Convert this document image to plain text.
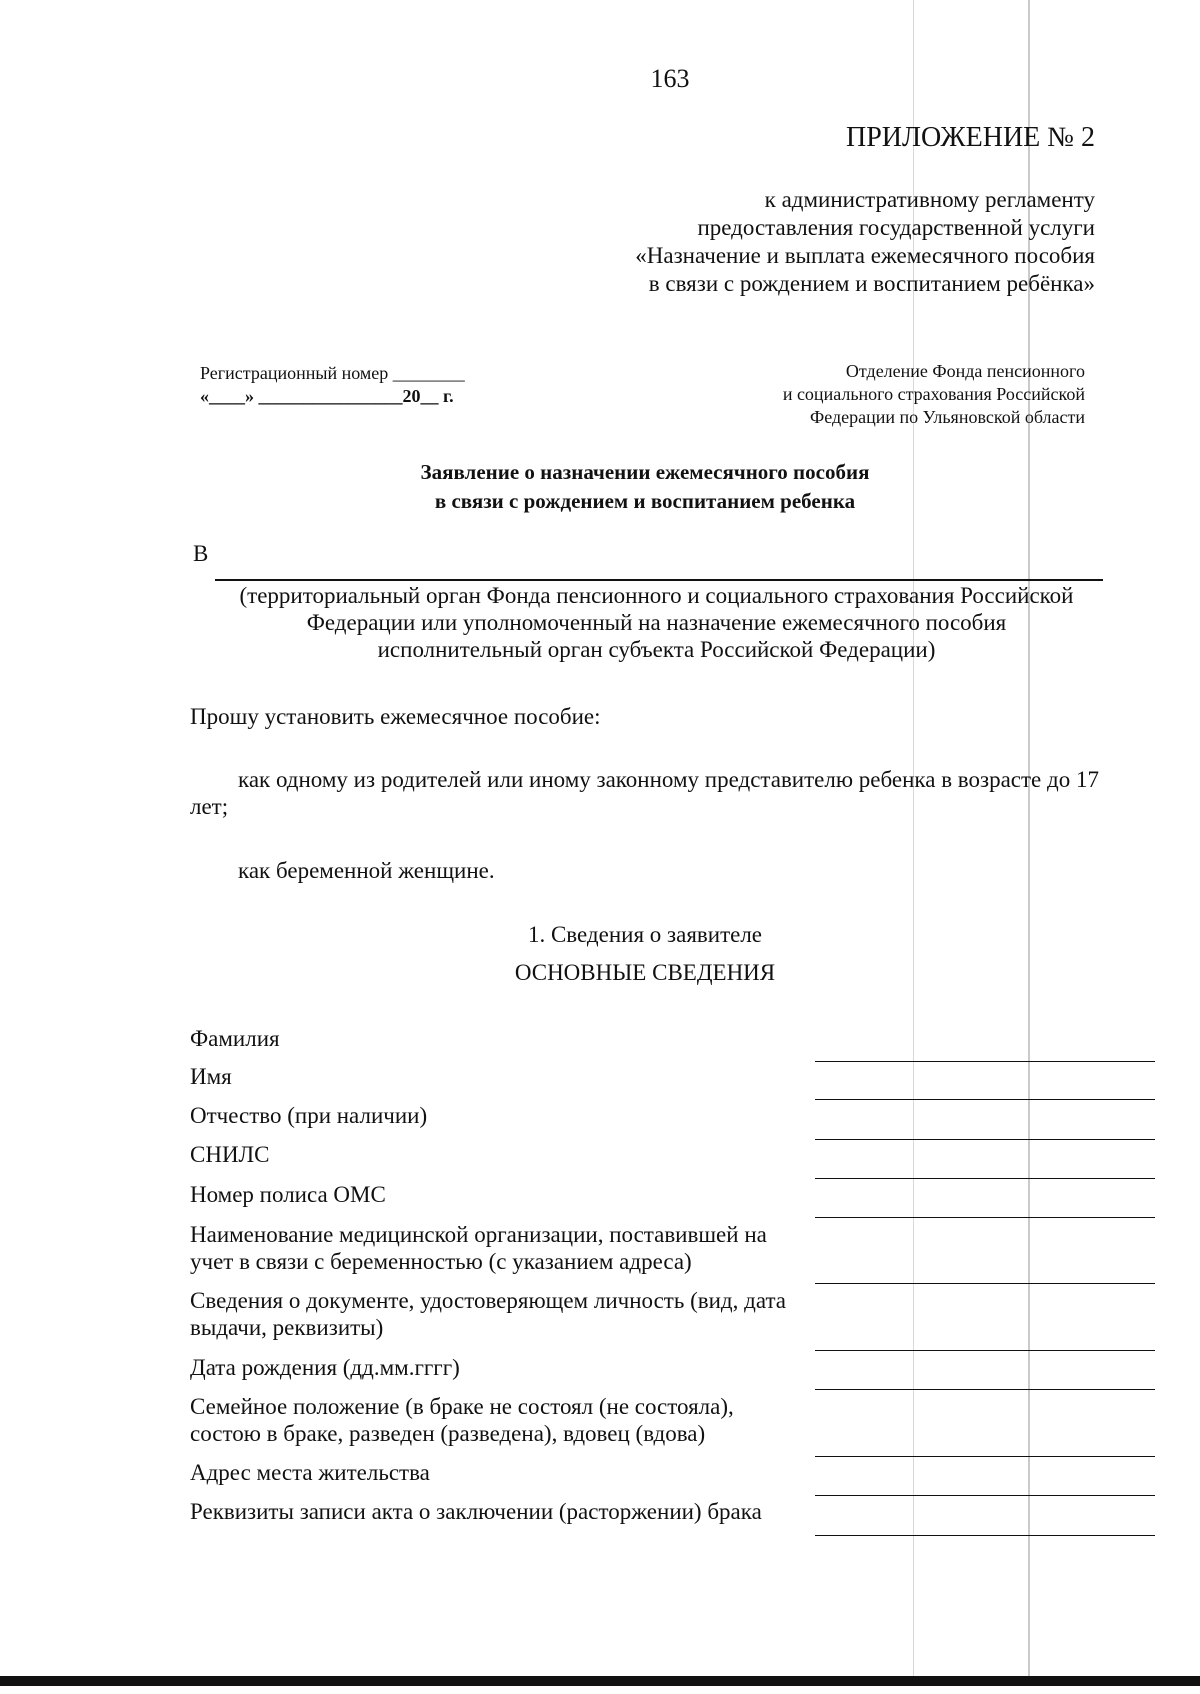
163
ПРИЛОЖЕНИЕ № 2
к административному регламенту
предоставления государственной услуги
«Назначение и выплата ежемесячного пособия
в связи с рождением и воспитанием ребёнка»
Регистрационный номер ________
«____» ________________20__ г.
Отделение Фонда пенсионного
и социального страхования Российской
Федерации по Ульяновской области
Заявление о назначении ежемесячного пособия
в связи с рождением и воспитанием ребенка
В
(территориальный орган Фонда пенсионного и социального страхования Российской
Федерации или уполномоченный на назначение ежемесячного пособия
исполнительный орган субъекта Российской Федерации)
Прошу установить ежемесячное пособие:
как одному из родителей или иному законному представителю ребенка в возрасте до 17 лет;
как беременной женщине.
1. Сведения о заявителе
ОСНОВНЫЕ СВЕДЕНИЯ
Фамилия
Имя
Отчество (при наличии)
СНИЛС
Номер полиса ОМС
Наименование медицинской организации, поставившей на учет в связи с беременностью (с указанием адреса)
Сведения о документе, удостоверяющем личность (вид, дата выдачи, реквизиты)
Дата рождения (дд.мм.гггг)
Семейное положение (в браке не состоял (не состояла), состою в браке, разведен (разведена), вдовец (вдова)
Адрес места жительства
Реквизиты записи акта о заключении (расторжении) брака
